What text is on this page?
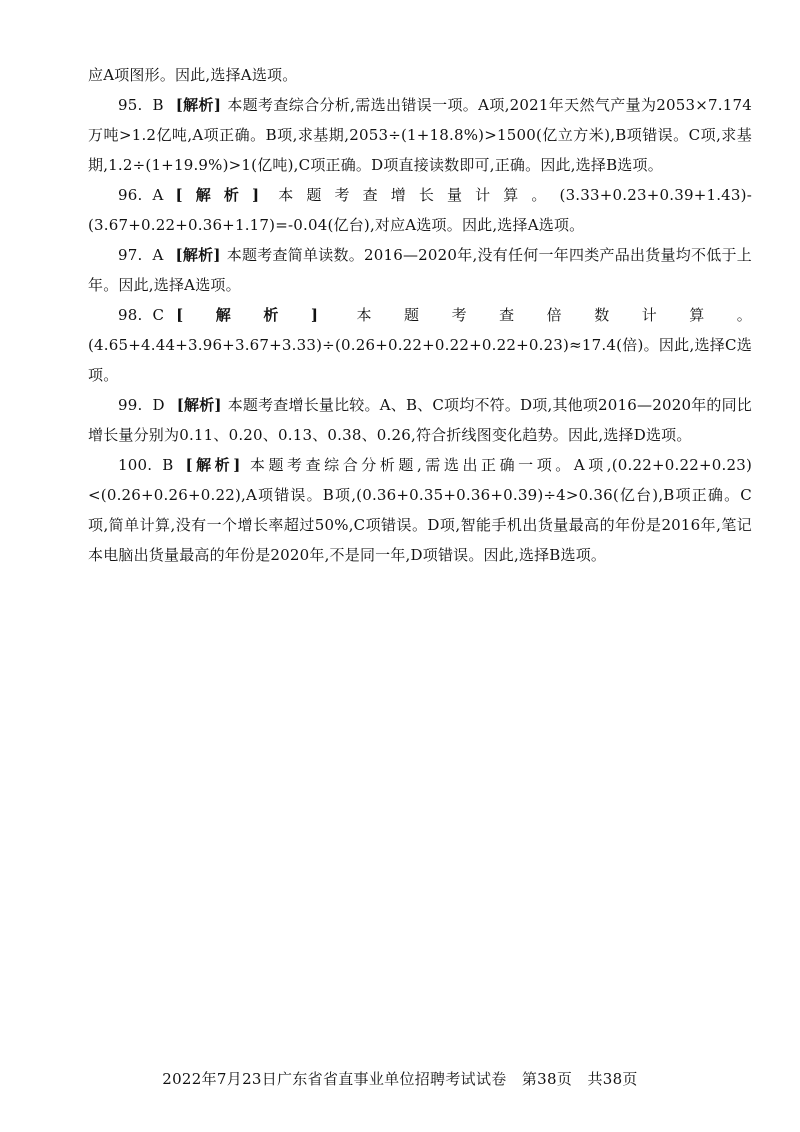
应A项图形。因此,选择A选项。

95. B [解析] 本题考查综合分析,需选出错误一项。A项,2021年天然气产量为2053×7.174万吨>1.2亿吨,A项正确。B项,求基期,2053÷(1+18.8%)>1500(亿立方米),B项错误。C项,求基期,1.2÷(1+19.9%)>1(亿吨),C项正确。D项直接读数即可,正确。因此,选择B选项。

96. A [解析] 本题考查增长量计算。(3.33+0.23+0.39+1.43)-(3.67+0.22+0.36+1.17)=-0.04(亿台),对应A选项。因此,选择A选项。

97. A [解析] 本题考查简单读数。2016—2020年,没有任何一年四类产品出货量均不低于上年。因此,选择A选项。

98. C [解析] 本题考查倍数计算。(4.65+4.44+3.96+3.67+3.33)÷(0.26+0.22+0.22+0.22+0.23)≈17.4(倍)。因此,选择C选项。

99. D [解析] 本题考查增长量比较。A、B、C项均不符。D项,其他项2016—2020年的同比增长量分别为0.11、0.20、0.13、0.38、0.26,符合折线图变化趋势。因此,选择D选项。

100. B [解析] 本题考查综合分析题,需选出正确一项。A项,(0.22+0.22+0.23)<(0.26+0.26+0.22),A项错误。B项,(0.36+0.35+0.36+0.39)÷4>0.36(亿台),B项正确。C项,简单计算,没有一个增长率超过50%,C项错误。D项,智能手机出货量最高的年份是2016年,笔记本电脑出货量最高的年份是2020年,不是同一年,D项错误。因此,选择B选项。

2022年7月23日广东省省直事业单位招聘考试试卷　第38页　共38页
